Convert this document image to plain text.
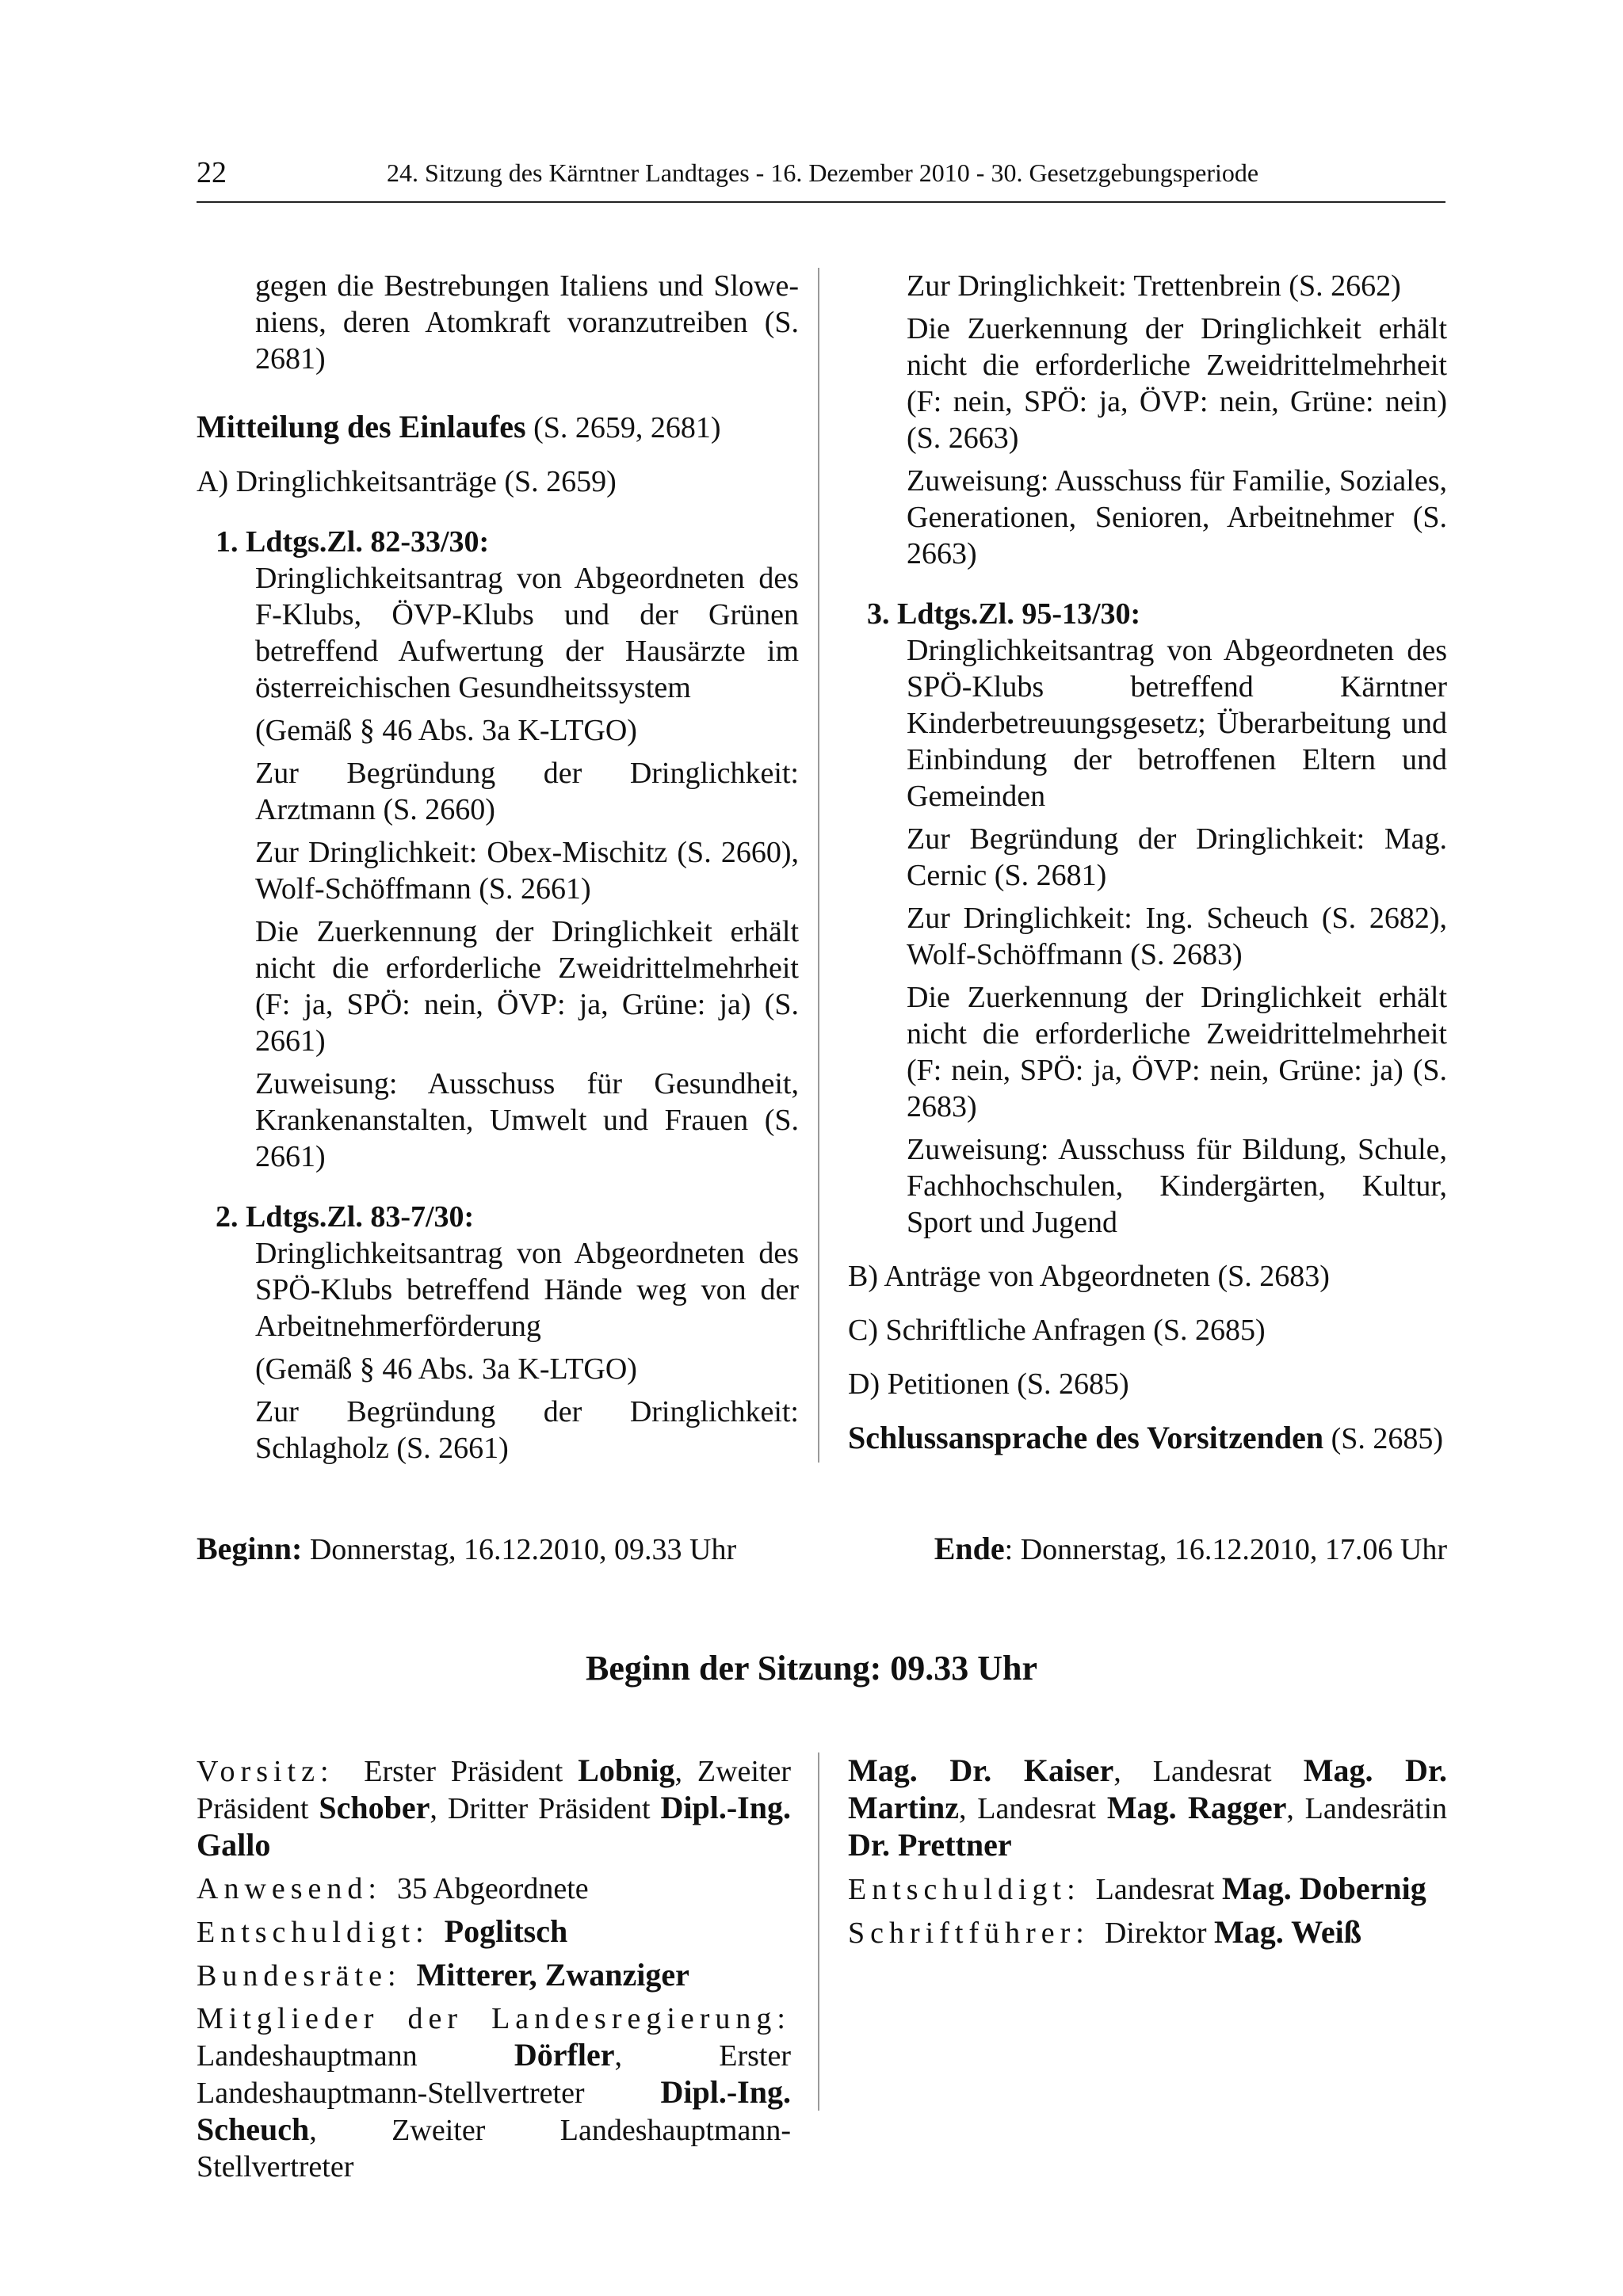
22	24. Sitzung des Kärntner Landtages - 16. Dezember 2010 - 30. Gesetzgebungsperiode
gegen die Bestrebungen Italiens und Slowe-
niens, deren Atomkraft voranzutreiben (S.
2681)

Mitteilung des Einlaufes (S. 2659, 2681)

A) Dringlichkeitsanträge (S. 2659)

1. Ldtgs.Zl. 82-33/30:

Dringlichkeitsantrag von Abgeordneten des F-Klubs, ÖVP-Klubs und der Grünen betreffend Aufwertung der Hausärzte im österreichischen Gesundheitssystem

(Gemäß § 46 Abs. 3a K-LTGO)

Zur Begründung der Dringlichkeit: Arztmann (S. 2660)

Zur Dringlichkeit: Obex-Mischitz (S. 2660), Wolf-Schöffmann (S. 2661)

Die Zuerkennung der Dringlichkeit erhält nicht die erforderliche Zweidrittelmehrheit (F: ja, SPÖ: nein, ÖVP: ja, Grüne: ja) (S. 2661)

Zuweisung: Ausschuss für Gesundheit, Krankenanstalten, Umwelt und Frauen (S. 2661)

2. Ldtgs.Zl. 83-7/30:

Dringlichkeitsantrag von Abgeordneten des SPÖ-Klubs betreffend Hände weg von der Arbeitnehmerförderung

(Gemäß § 46 Abs. 3a K-LTGO)

Zur Begründung der Dringlichkeit: Schlagholz (S. 2661)

Zur Dringlichkeit: Trettenbrein (S. 2662)

Die Zuerkennung der Dringlichkeit erhält nicht die erforderliche Zweidrittelmehrheit (F: nein, SPÖ: ja, ÖVP: nein, Grüne: nein) (S. 2663)

Zuweisung: Ausschuss für Familie, Soziales, Generationen, Senioren, Arbeitnehmer (S. 2663)

3. Ldtgs.Zl. 95-13/30:

Dringlichkeitsantrag von Abgeordneten des SPÖ-Klubs betreffend Kärntner Kinderbetreuungsgesetz; Überarbeitung und Einbindung der betroffenen Eltern und Gemeinden

Zur Begründung der Dringlichkeit: Mag. Cernic (S. 2681)

Zur Dringlichkeit: Ing. Scheuch (S. 2682), Wolf-Schöffmann (S. 2683)

Die Zuerkennung der Dringlichkeit erhält nicht die erforderliche Zweidrittelmehrheit (F: nein, SPÖ: ja, ÖVP: nein, Grüne: ja) (S. 2683)

Zuweisung: Ausschuss für Bildung, Schule, Fachhochschulen, Kindergärten, Kultur, Sport und Jugend

B) Anträge von Abgeordneten (S. 2683)

C) Schriftliche Anfragen (S. 2685)

D) Petitionen (S. 2685)

Schlussansprache des Vorsitzenden (S. 2685)

Beginn: Donnerstag, 16.12.2010, 09.33 Uhr	Ende: Donnerstag, 16.12.2010, 17.06 Uhr
Beginn der Sitzung: 09.33 Uhr

Vorsitz: Erster Präsident Lobnig, Zweiter Präsident Schober, Dritter Präsident Dipl.-Ing. Gallo

Anwesend: 35 Abgeordnete

Entschuldigt: Poglitsch

Bundesräte: Mitterer, Zwanziger

Mitglieder der Landesregierung: Landeshauptmann Dörfler, Erster Landeshauptmann-Stellvertreter Dipl.-Ing. Scheuch, Zweiter Landeshauptmann-Stellvertreter

Mag. Dr. Kaiser, Landesrat Mag. Dr. Martinz, Landesrat Mag. Ragger, Landesrätin Dr. Prettner

Entschuldigt: Landesrat Mag. Dobernig

Schriftführer: Direktor Mag. Weiß
